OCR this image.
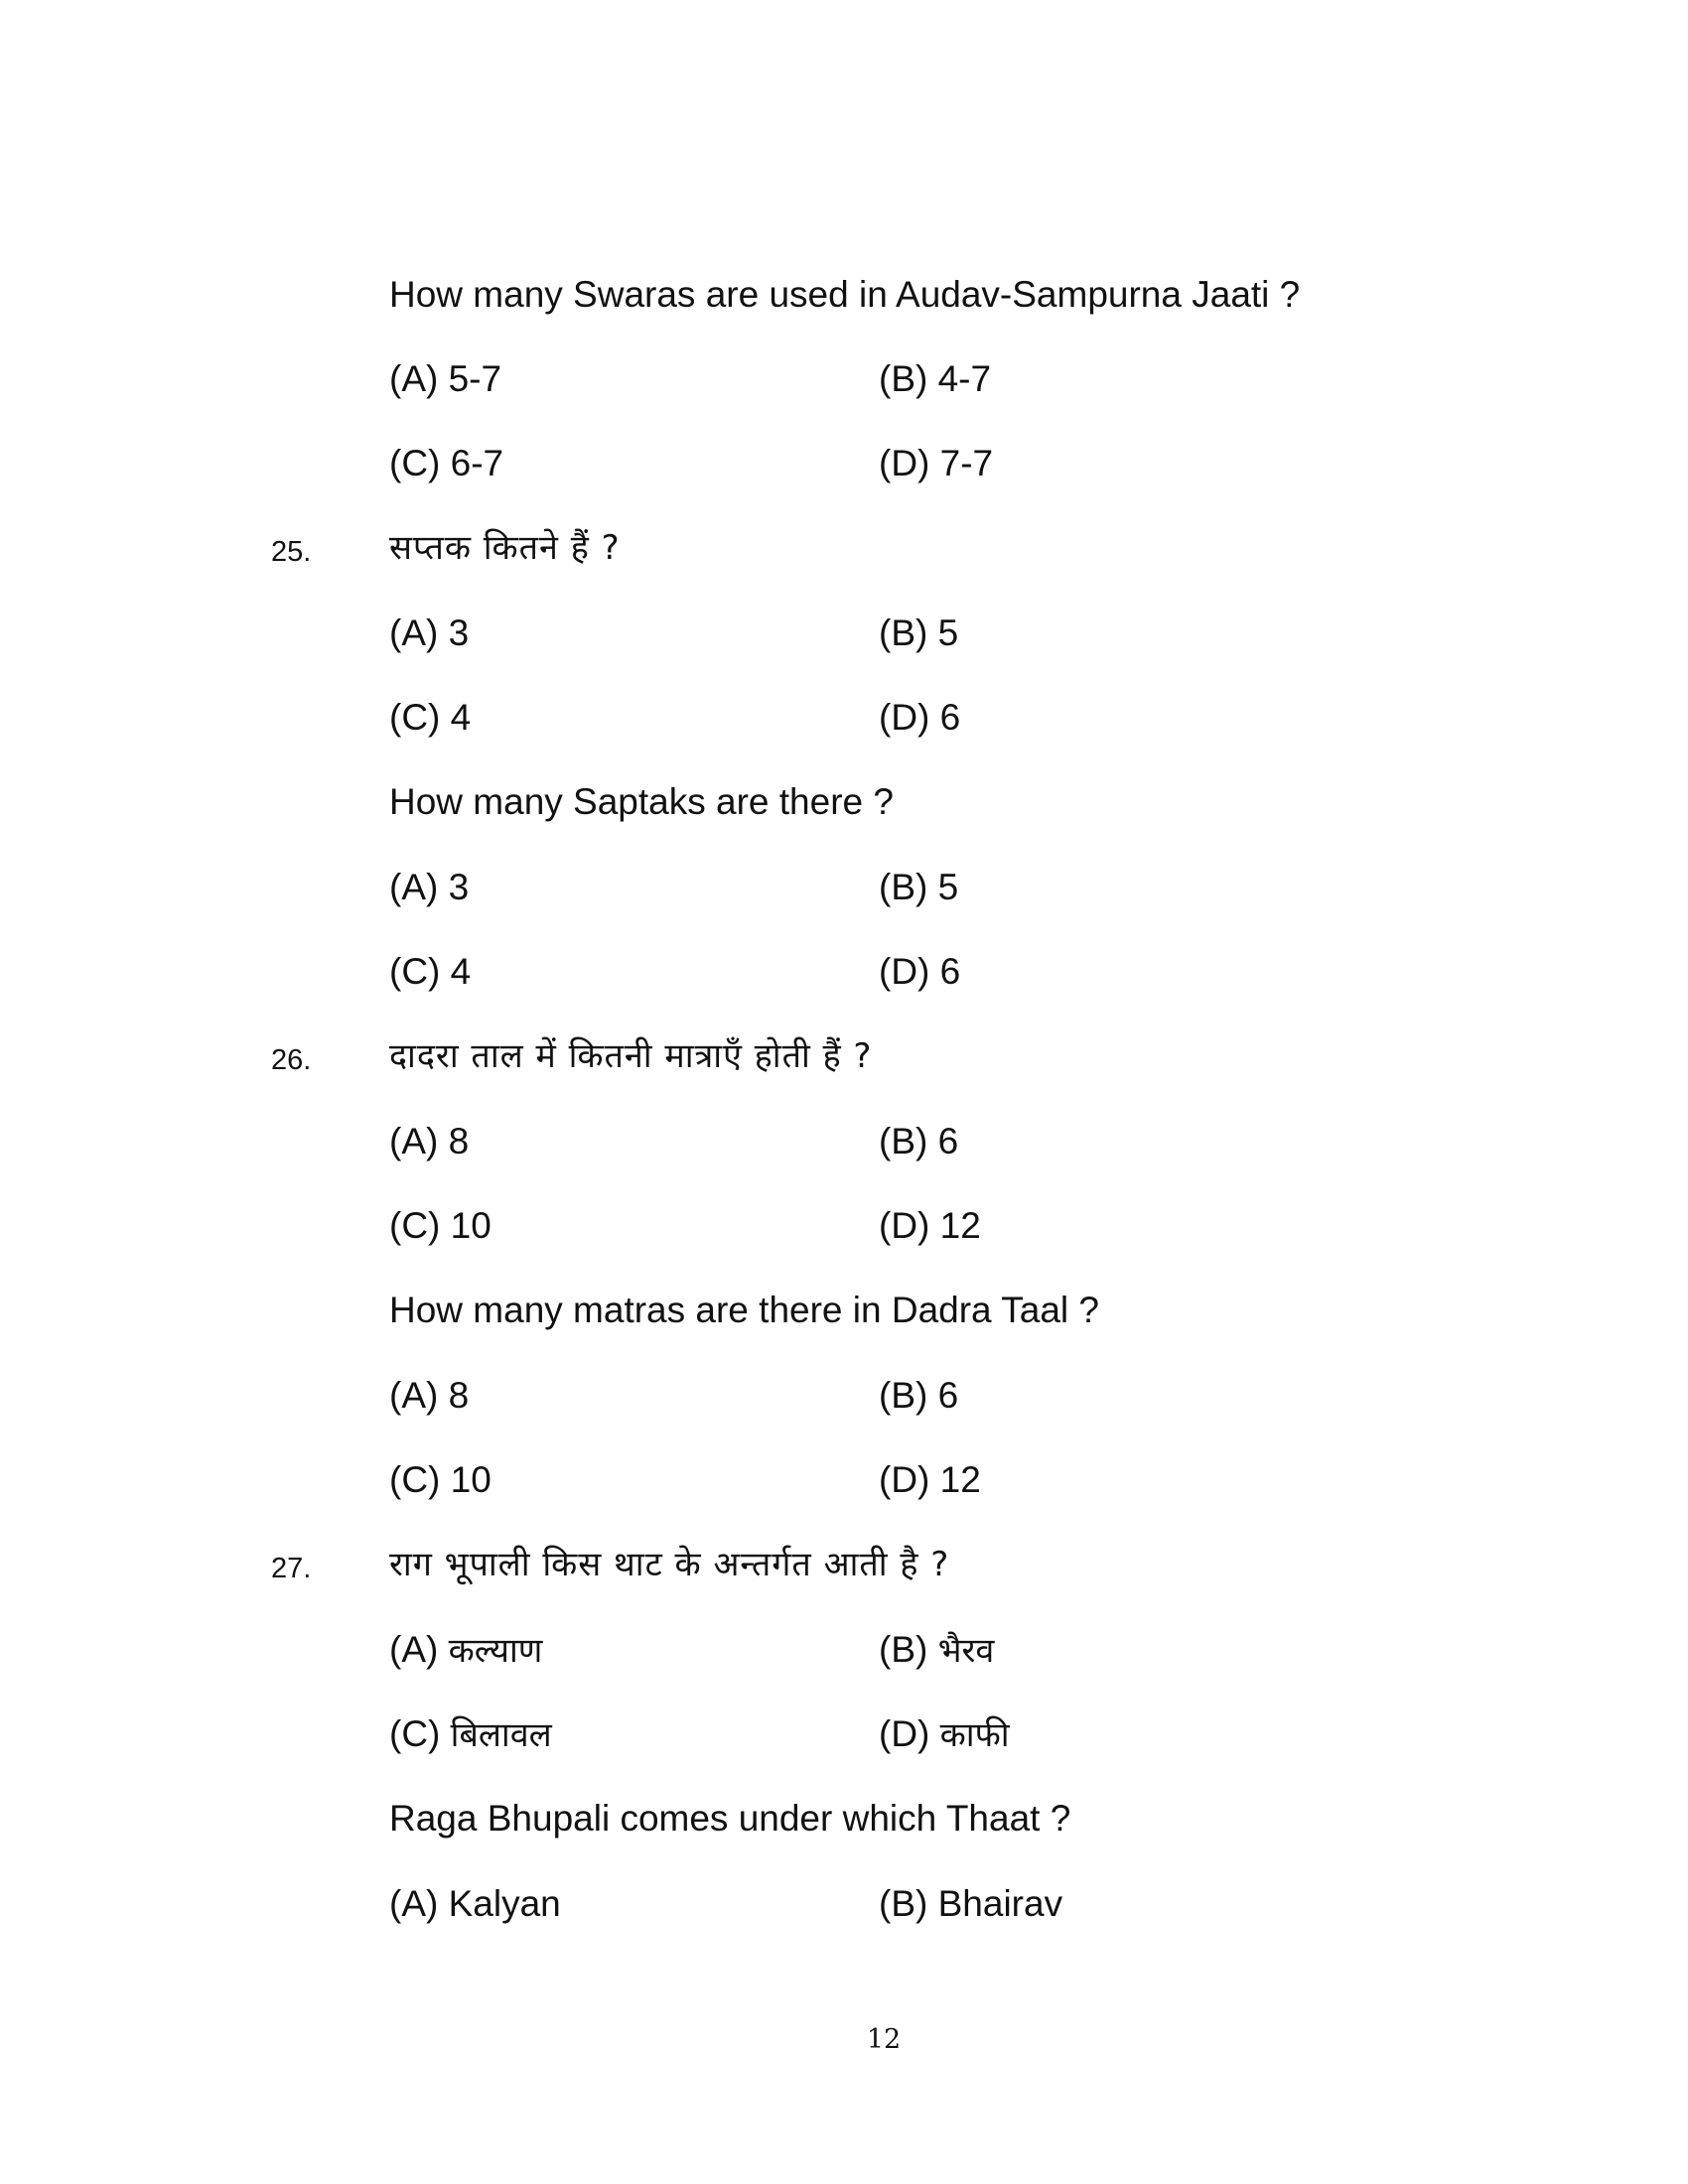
How many Swaras are used in Audav-Sampurna Jaati ?
(A) 5-7	(B) 4-7
(C) 6-7	(D) 7-7
25. सप्तक कितने हैं ?
(A) 3	(B) 5
(C) 4	(D) 6
How many Saptaks are there ?
(A) 3	(B) 5
(C) 4	(D) 6
26. दादरा ताल में कितनी मात्राएँ होती हैं ?
(A) 8	(B) 6
(C) 10	(D) 12
How many matras are there in Dadra Taal ?
(A) 8	(B) 6
(C) 10	(D) 12
27. राग भूपाली किस थाट के अन्तर्गत आती है ?
(A) कल्याण	(B) भैरव
(C) बिलावल	(D) काफी
Raga Bhupali comes under which Thaat ?
(A) Kalyan	(B) Bhairav
12
